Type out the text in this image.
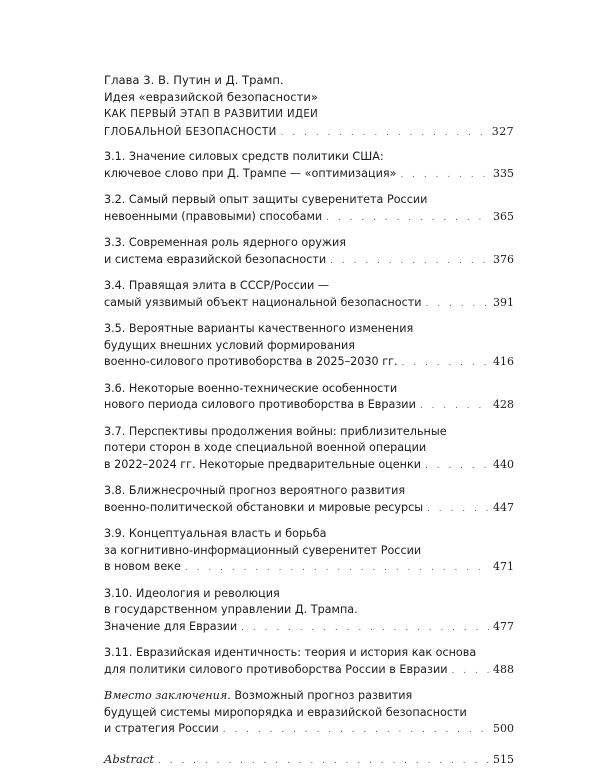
Глава 3. В. Путин и Д. Трамп.
Идея «евразийской безопасности»
КАК ПЕРВЫЙ ЭТАП В РАЗВИТИИ ИДЕИ
ГЛОБАЛЬНОЙ БЕЗОПАСНОСТИ . . .	327
3.1. Значение силовых средств политики США:
ключевое слово при Д. Трампе — «оптимизация» . . .	335
3.2. Самый первый опыт защиты суверенитета России
невоенными (правовыми) способами . . .	365
3.3. Современная роль ядерного оружия
и система евразийской безопасности . . .	376
3.4. Правящая элита в СССР/России —
самый уязвимый объект национальной безопасности . . .	391
3.5. Вероятные варианты качественного изменения
будущих внешних условий формирования
военно-силового противоборства в 2025–2030 гг. . . .	416
3.6. Некоторые военно-технические особенности
нового периода силового противоборства в Евразии . . .	428
3.7. Перспективы продолжения войны: приблизительные
потери сторон в ходе специальной военной операции
в 2022–2024 гг. Некоторые предварительные оценки . . .	440
3.8. Ближнесрочный прогноз вероятного развития
военно-политической обстановки и мировые ресурсы . . .	447
3.9. Концептуальная власть и борьба
за когнитивно-информационный суверенитет России
в новом веке . . .	471
3.10. Идеология и революция
в государственном управлении Д. Трампа.
Значение для Евразии . . .	477
3.11. Евразийская идентичность: теория и история как основа
для политики силового противоборства России в Евразии . . .	488
Вместо заключения. Возможный прогноз развития
будущей системы миропорядка и евразийской безопасности
и стратегия России . . .	500
Abstract . . .	515
